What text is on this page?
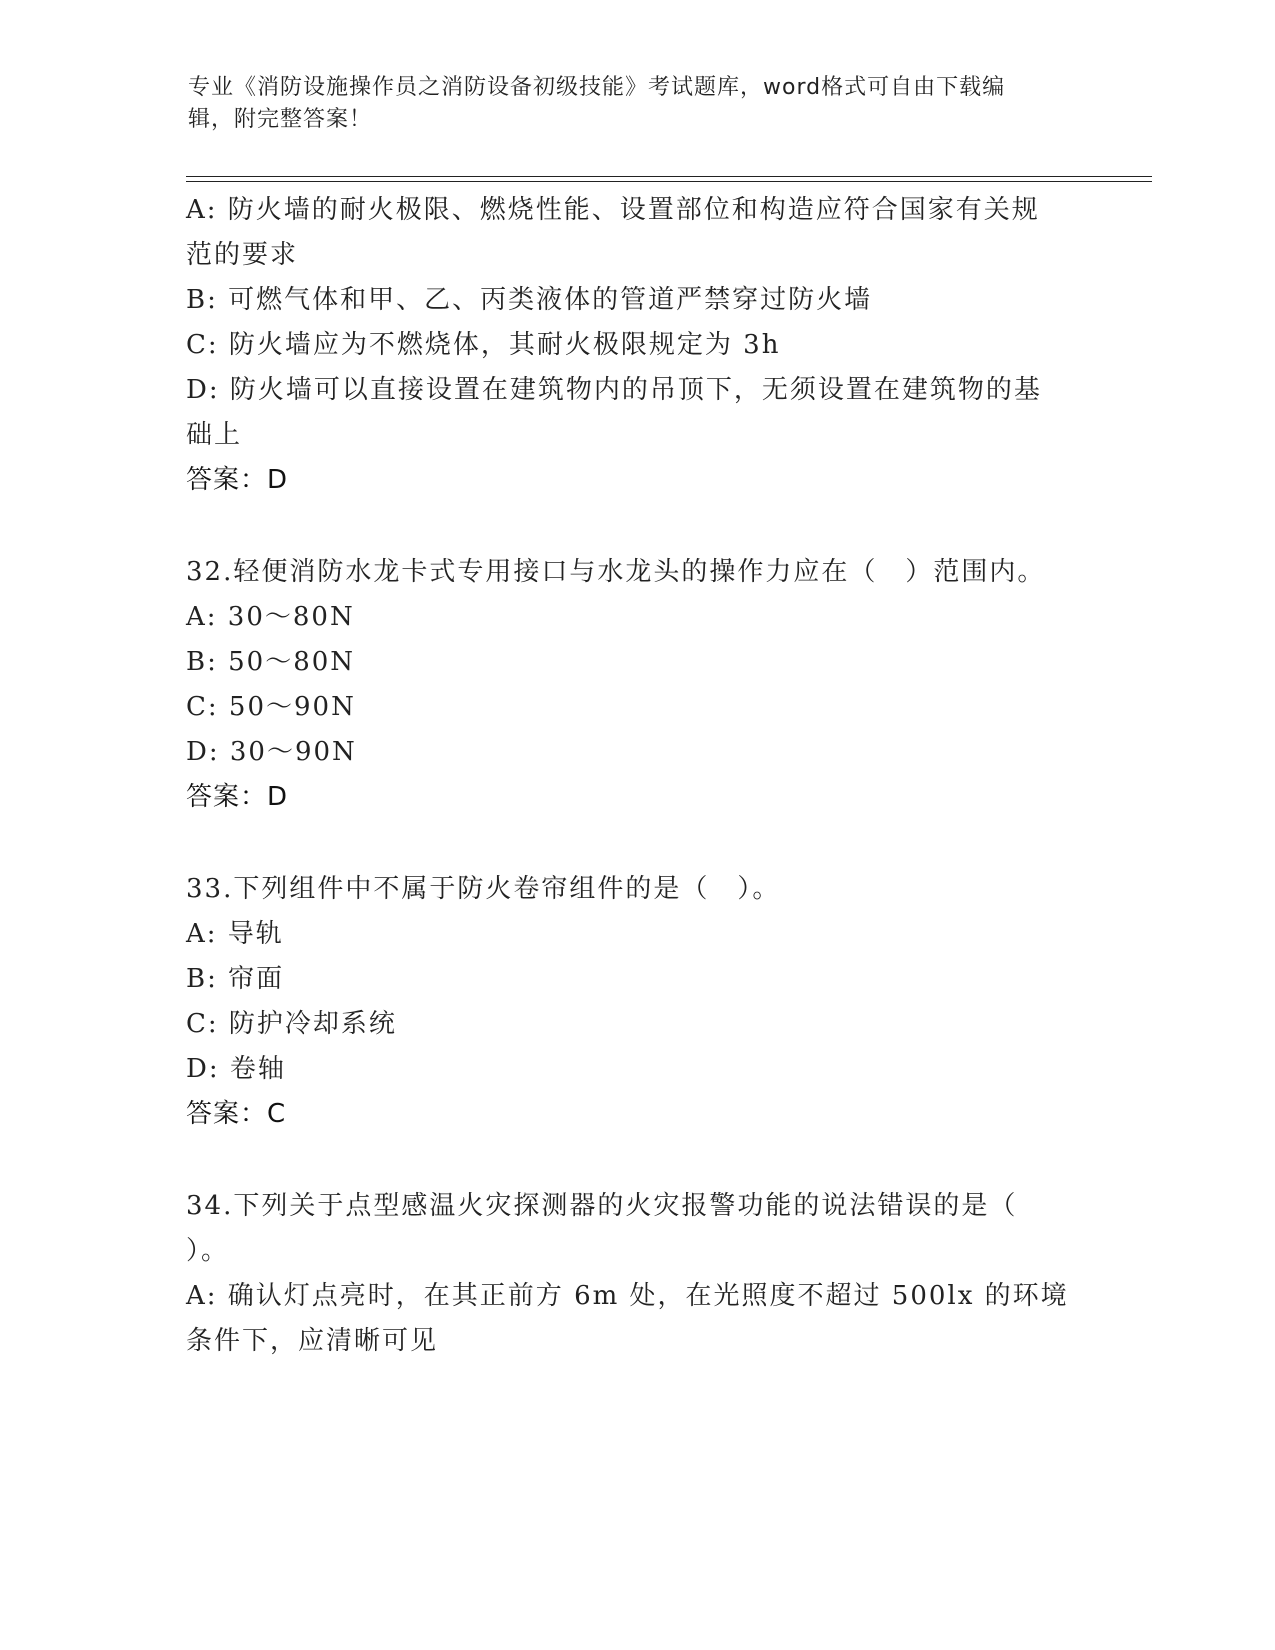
专业《消防设施操作员之消防设备初级技能》考试题库，word格式可自由下载编
辑，附完整答案！
A: 防火墙的耐火极限、燃烧性能、设置部位和构造应符合国家有关规
范的要求
B: 可燃气体和甲、乙、丙类液体的管道严禁穿过防火墙
C: 防火墙应为不燃烧体，其耐火极限规定为 3h
D: 防火墙可以直接设置在建筑物内的吊顶下，无须设置在建筑物的基
础上
答案：D
32.轻便消防水龙卡式专用接口与水龙头的操作力应在（　）范围内。
A: 30～80N
B: 50～80N
C: 50～90N
D: 30～90N
答案：D
33.下列组件中不属于防火卷帘组件的是（　）。
A: 导轨
B: 帘面
C: 防护冷却系统
D: 卷轴
答案：C
34.下列关于点型感温火灾探测器的火灾报警功能的说法错误的是（
）。
A: 确认灯点亮时，在其正前方 6m 处，在光照度不超过 500lx 的环境
条件下，应清晰可见
